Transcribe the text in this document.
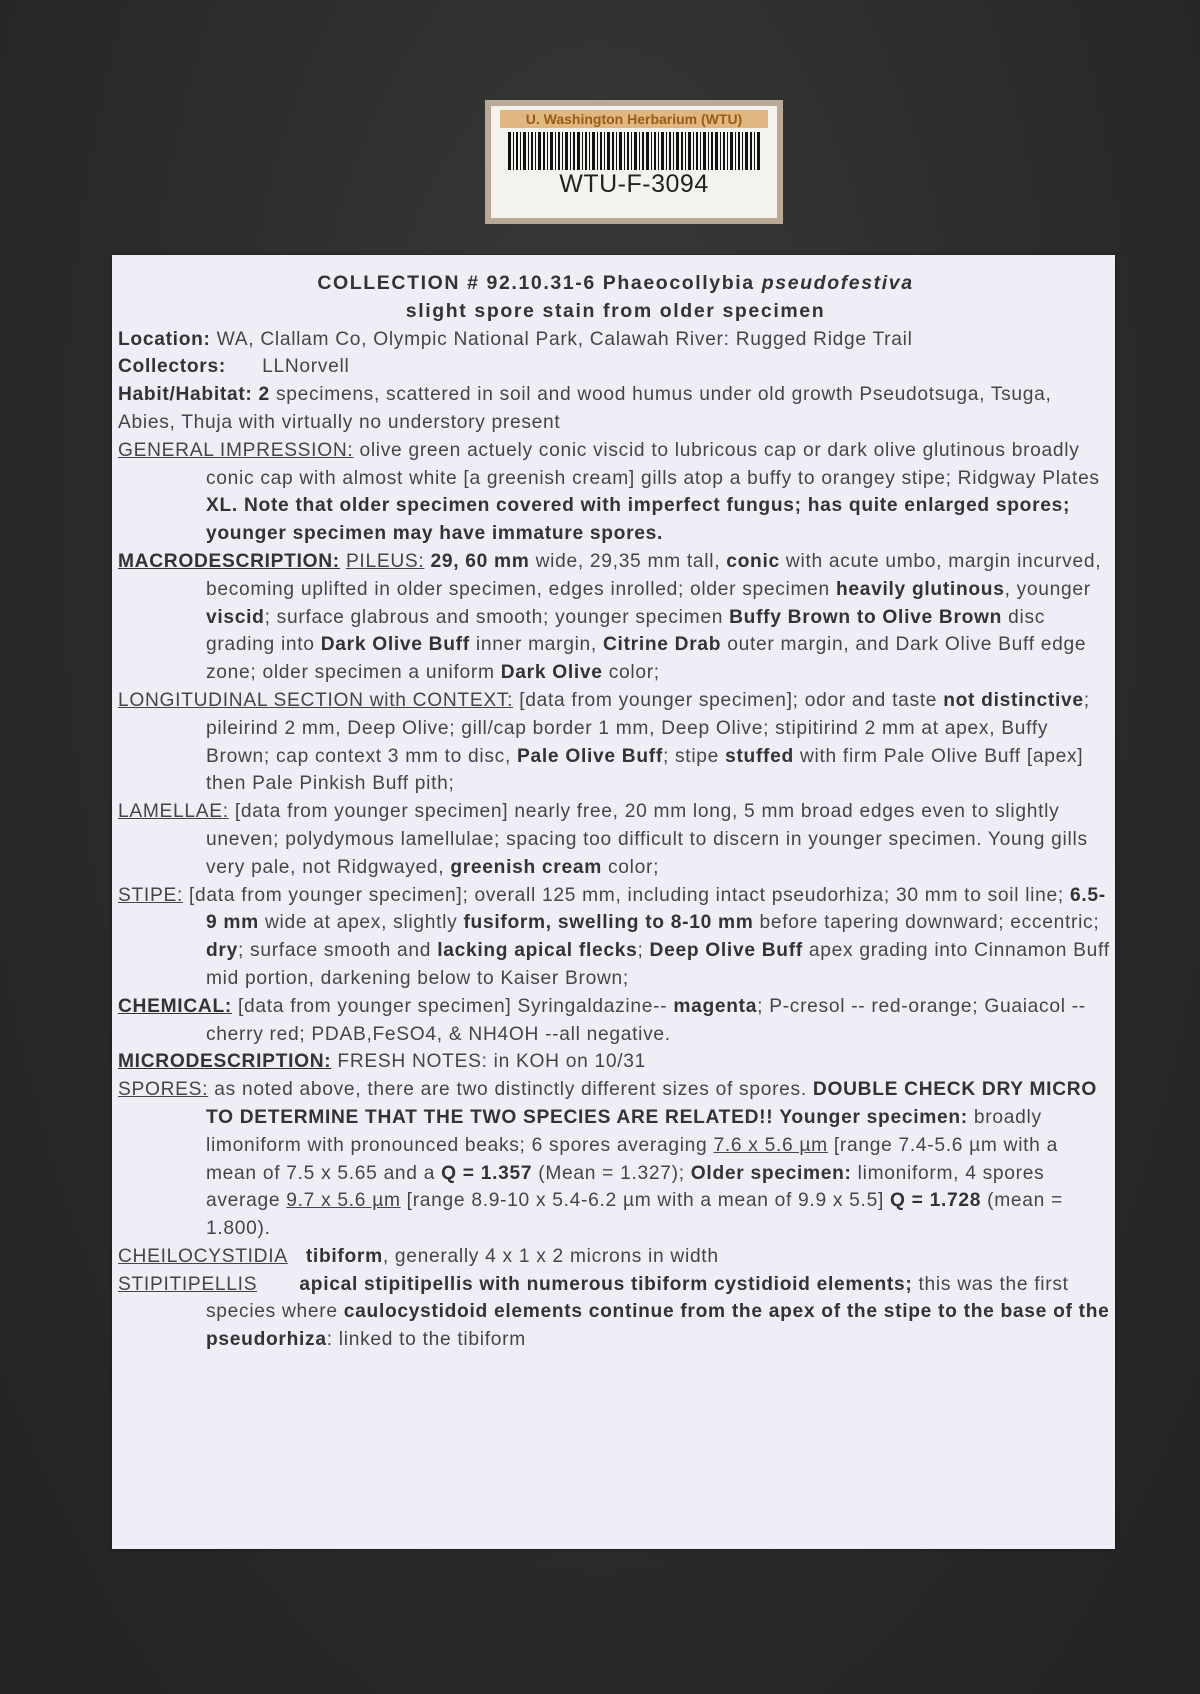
U. Washington Herbarium (WTU)
WTU-F-3094

COLLECTION # 92.10.31-6 Phaeocollybia pseudofestiva

slight spore stain from older specimen

Location: WA, Clallam Co, Olympic National Park, Calawah River: Rugged Ridge Trail

Collectors: LLNorvell

Habit/Habitat: 2 specimens, scattered in soil and wood humus under old growth Pseudotsuga, Tsuga, Abies, Thuja with virtually no understory present

GENERAL IMPRESSION: olive green actuely conic viscid to lubricous cap or dark olive glutinous broadly conic cap with almost white [a greenish cream] gills atop a buffy to orangey stipe; Ridgway Plates XL. Note that older specimen covered with imperfect fungus; has quite enlarged spores; younger specimen may have immature spores.

MACRODESCRIPTION: PILEUS: 29, 60 mm wide, 29,35 mm tall, conic with acute umbo, margin incurved, becoming uplifted in older specimen, edges inrolled; older specimen heavily glutinous, younger viscid; surface glabrous and smooth; younger specimen Buffy Brown to Olive Brown disc grading into Dark Olive Buff inner margin, Citrine Drab outer margin, and Dark Olive Buff edge zone; older specimen a uniform Dark Olive color;

LONGITUDINAL SECTION with CONTEXT: [data from younger specimen]; odor and taste not distinctive; pileirind 2 mm, Deep Olive; gill/cap border 1 mm, Deep Olive; stipitirind 2 mm at apex, Buffy Brown; cap context 3 mm to disc, Pale Olive Buff; stipe stuffed with firm Pale Olive Buff [apex] then Pale Pinkish Buff pith;

LAMELLAE: [data from younger specimen] nearly free, 20 mm long, 5 mm broad edges even to slightly uneven; polydymous lamellulae; spacing too difficult to discern in younger specimen. Young gills very pale, not Ridgwayed, greenish cream color;

STIPE: [data from younger specimen]; overall 125 mm, including intact pseudorhiza; 30 mm to soil line; 6.5-9 mm wide at apex, slightly fusiform, swelling to 8-10 mm before tapering downward; eccentric; dry; surface smooth and lacking apical flecks; Deep Olive Buff apex grading into Cinnamon Buff mid portion, darkening below to Kaiser Brown;

CHEMICAL: [data from younger specimen] Syringaldazine-- magenta; P-cresol -- red-orange; Guaiacol -- cherry red; PDAB,FeSO4, & NH4OH --all negative.

MICRODESCRIPTION: FRESH NOTES: in KOH on 10/31

SPORES: as noted above, there are two distinctly different sizes of spores. DOUBLE CHECK DRY MICRO TO DETERMINE THAT THE TWO SPECIES ARE RELATED!! Younger specimen: broadly limoniform with pronounced beaks; 6 spores averaging 7.6 x 5.6 µm [range 7.4-5.6 µm with a mean of 7.5 x 5.65 and a Q = 1.357 (Mean = 1.327); Older specimen: limoniform, 4 spores average 9.7 x 5.6 µm [range 8.9-10 x 5.4-6.2 µm with a mean of 9.9 x 5.5] Q = 1.728 (mean = 1.800).

CHEILOCYSTIDIA tibiform, generally 4 x 1 x 2 microns in width

STIPITIPELLIS apical stipitipellis with numerous tibiform cystidioid elements; this was the first species where caulocystidoid elements continue from the apex of the stipe to the base of the pseudorhiza: linked to the tibiform
